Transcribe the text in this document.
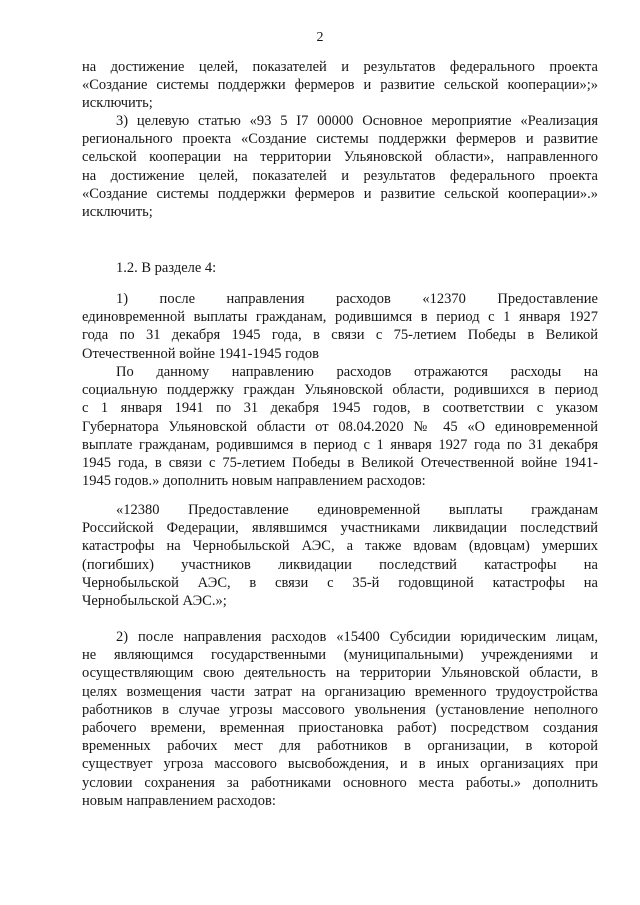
2
на достижение целей, показателей и результатов федерального проекта
«Создание системы поддержки фермеров и развитие сельской кооперации»;»
исключить;
3) целевую статью «93 5 I7 00000 Основное мероприятие «Реализация
регионального проекта «Создание системы поддержки фермеров и развитие
сельской кооперации на территории Ульяновской области», направленного
на достижение целей, показателей и результатов федерального проекта
«Создание системы поддержки фермеров и развитие сельской кооперации».»
исключить;
1.2. В разделе 4:
1) после направления расходов «12370 Предоставление
единовременной выплаты гражданам, родившимся в период с 1 января 1927
года по 31 декабря 1945 года, в связи с 75-летием Победы в Великой
Отечественной войне 1941-1945 годов
По данному направлению расходов отражаются расходы на
социальную поддержку граждан Ульяновской области, родившихся в период
с 1 января 1941 по 31 декабря 1945 годов, в соответствии с указом
Губернатора Ульяновской области от 08.04.2020 № 45 «О единовременной
выплате гражданам, родившимся в период с 1 января 1927 года по 31 декабря
1945 года, в связи с 75-летием Победы в Великой Отечественной войне 1941-
1945 годов.» дополнить новым направлением расходов:
«12380 Предоставление единовременной выплаты гражданам
Российской Федерации, являвшимся участниками ликвидации последствий
катастрофы на Чернобыльской АЭС, а также вдовам (вдовцам) умерших
(погибших) участников ликвидации последствий катастрофы на
Чернобыльской АЭС, в связи с 35-й годовщиной катастрофы на
Чернобыльской АЭС.»;
2) после направления расходов «15400 Субсидии юридическим лицам,
не являющимся государственными (муниципальными) учреждениями и
осуществляющим свою деятельность на территории Ульяновской области, в
целях возмещения части затрат на организацию временного трудоустройства
работников в случае угрозы массового увольнения (установление неполного
рабочего времени, временная приостановка работ) посредством создания
временных рабочих мест для работников в организации, в которой
существует угроза массового высвобождения, и в иных организациях при
условии сохранения за работниками основного места работы.» дополнить
новым направлением расходов:
